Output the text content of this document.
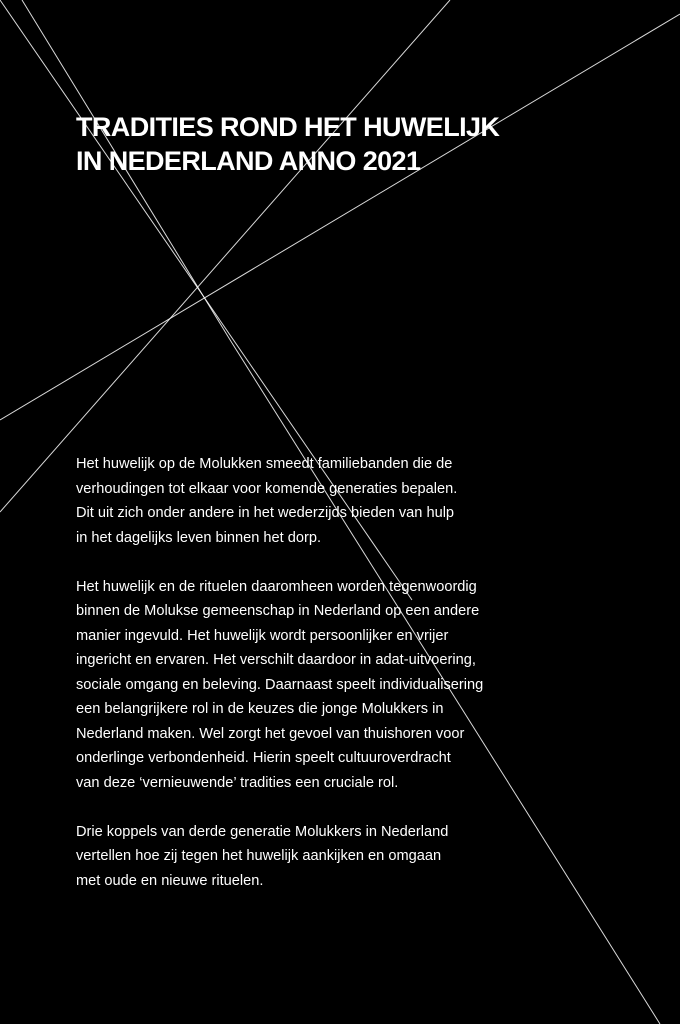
TRADITIES ROND HET HUWELIJK
IN NEDERLAND ANNO 2021

Het huwelijk op de Molukken smeedt familiebanden die de
verhoudingen tot elkaar voor komende generaties bepalen.
Dit uit zich onder andere in het wederzijds bieden van hulp
in het dagelijks leven binnen het dorp.

Het huwelijk en de rituelen daaromheen worden tegenwoordig
binnen de Molukse gemeenschap in Nederland op een andere
manier ingevuld. Het huwelijk wordt persoonlijker en vrijer
ingericht en ervaren. Het verschilt daardoor in adat-uitvoering,
sociale omgang en beleving. Daarnaast speelt individualisering
een belangrijkere rol in de keuzes die jonge Molukkers in
Nederland maken. Wel zorgt het gevoel van thuishoren voor
onderlinge verbondenheid. Hierin speelt cultuuroverdracht
van deze ‘vernieuwende’ tradities een cruciale rol.

Drie koppels van derde generatie Molukkers in Nederland
vertellen hoe zij tegen het huwelijk aankijken en omgaan
met oude en nieuwe rituelen.
